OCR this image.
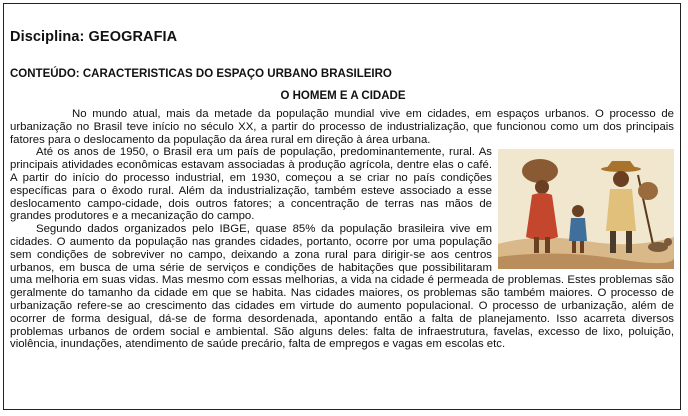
Disciplina: GEOGRAFIA
CONTEÚDO: CARACTERISTICAS DO ESPAÇO URBANO BRASILEIRO
O HOMEM E A CIDADE

No mundo atual, mais da metade da população mundial vive em cidades, em espaços urbanos. O processo de urbanização no Brasil teve início no século XX, a partir do processo de industrialização, que funcionou como um dos principais fatores para o deslocamento da população da área rural em direção à área urbana.

Até os anos de 1950, o Brasil era um país de população, predominantemente, rural. As principais atividades econômicas estavam associadas à produção agrícola, dentre elas o café. A partir do início do processo industrial, em 1930, começou a se criar no país condições específicas para o êxodo rural. Além da industrialização, também esteve associado a esse deslocamento campo-cidade, dois outros fatores; a concentração de terras nas mãos de grandes produtores e a mecanização do campo.

Segundo dados organizados pelo IBGE, quase 85% da população brasileira vive em cidades. O aumento da população nas grandes cidades, portanto, ocorre por uma população sem condições de sobreviver no campo, deixando a zona rural para dirigir-se aos centros urbanos, em busca de uma série de serviços e condições de habitações que possibilitaram uma melhoria em suas vidas. Mas mesmo com essas melhorias, a vida na cidade é permeada de problemas. Estes problemas são geralmente do tamanho da cidade em que se habita. Nas cidades maiores, os problemas são também maiores. O processo de urbanização refere-se ao crescimento das cidades em virtude do aumento populacional. O processo de urbanização, além de ocorrer de forma desigual, dá-se de forma desordenada, apontando então a falta de planejamento. Isso acarreta diversos problemas urbanos de ordem social e ambiental. São alguns deles: falta de infraestrutura, favelas, excesso de lixo, poluição, violência, inundações, atendimento de saúde precário, falta de empregos e vagas em escolas etc.
